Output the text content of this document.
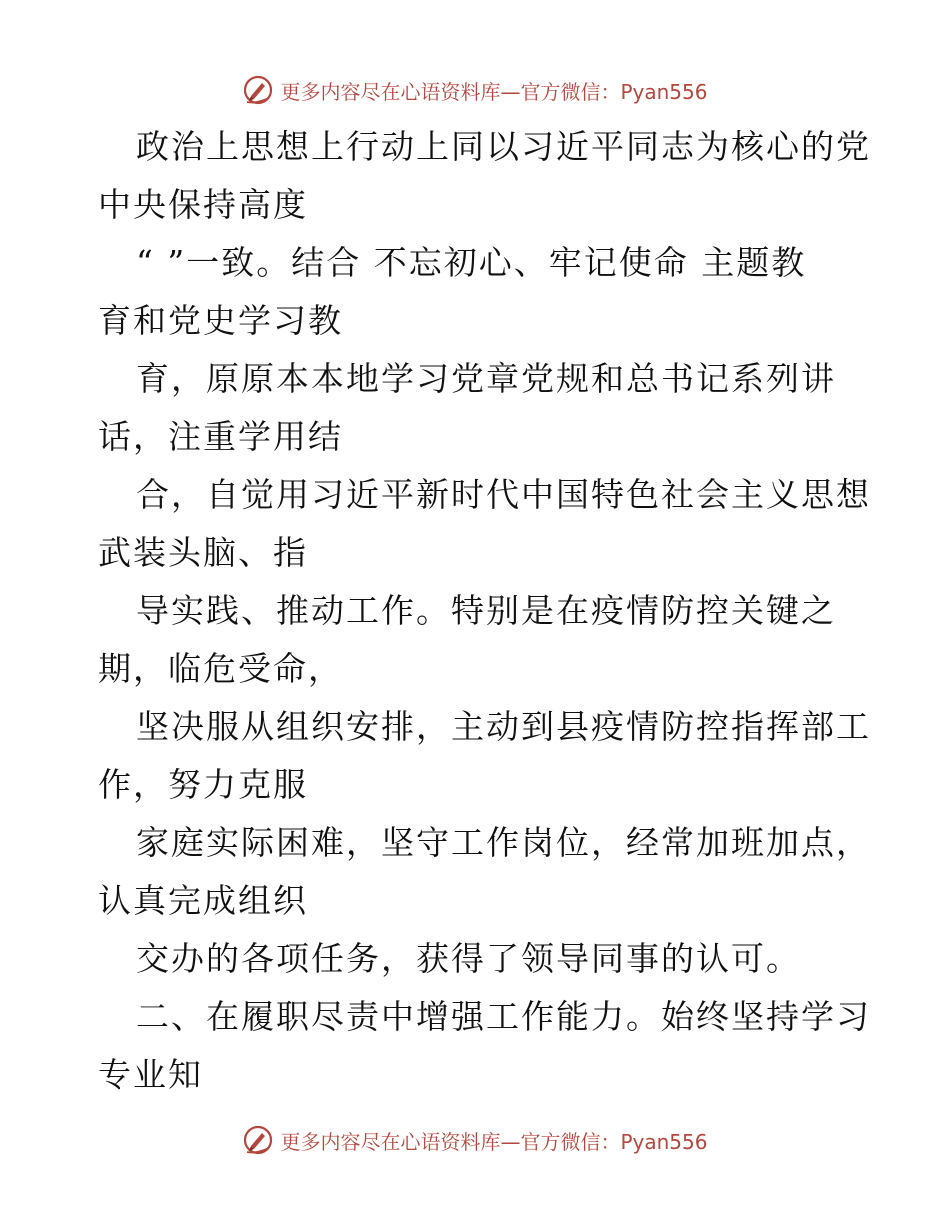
更多内容尽在心语资料库—官方微信：Pyan556
政治上思想上行动上同以习近平同志为核心的党
中央保持高度
“ ”一致。结合 不忘初心、牢记使命 主题教
育和党史学习教
育，原原本本地学习党章党规和总书记系列讲
话，注重学用结
合，自觉用习近平新时代中国特色社会主义思想
武装头脑、指
导实践、推动工作。特别是在疫情防控关键之
期，临危受命，
坚决服从组织安排，主动到县疫情防控指挥部工
作，努力克服
家庭实际困难，坚守工作岗位，经常加班加点，
认真完成组织
交办的各项任务，获得了领导同事的认可。
二、在履职尽责中增强工作能力。始终坚持学习
专业知
更多内容尽在心语资料库—官方微信：Pyan556
